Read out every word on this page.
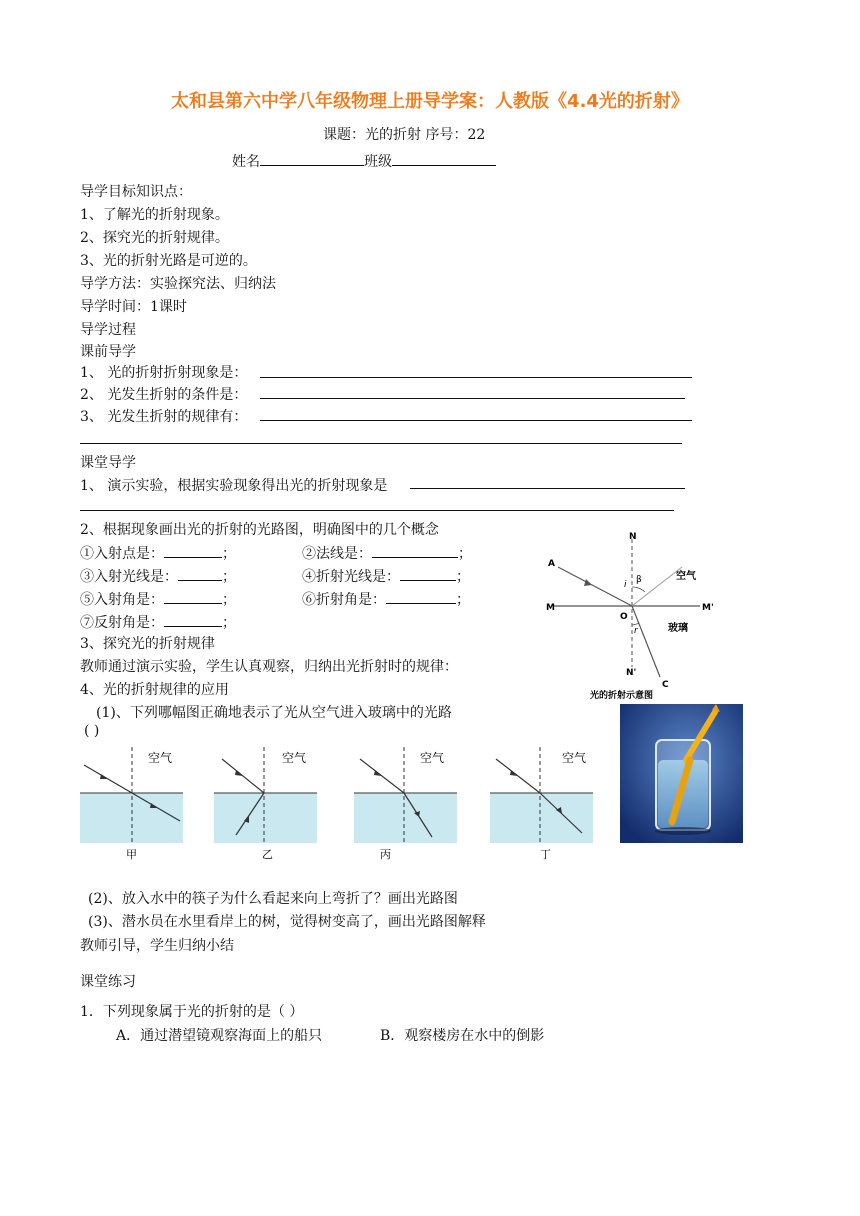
太和县第六中学八年级物理上册导学案：人教版《4.4光的折射》
课题：光的折射 序号：22
姓名	班级
导学目标知识点：
1、了解光的折射现象。
2、探究光的折射规律。
3、光的折射光路是可逆的。
导学方法：实验探究法、归纳法
导学时间：1课时
导学过程
课前导学
1、 光的折射折射现象是：
2、 光发生折射的条件是：
3、 光发生折射的规律有：
课堂导学
1、 演示实验，根据实验现象得出光的折射现象是
2、根据现象画出光的折射的光路图，明确图中的几个概念
①入射点是：	；	②法线是：	；
③入射光线是：	；	④折射光线是：	；
⑤入射角是：	；	⑥折射角是：	；
⑦反射角是：	；
3、探究光的折射规律
教师通过演示实验，学生认真观察，归纳出光折射时的规律：
4、光的折射规律的应用
(1)、下列哪幅图正确地表示了光从空气进入玻璃中的光路
( )
N
N'
M	M'
A
C
O
i β
r
空气
玻璃
光的折射示意图
空气
甲
空气
乙
空气
丙
空气
丁
(2)、放入水中的筷子为什么看起来向上弯折了？画出光路图
(3)、潜水员在水里看岸上的树，觉得树变高了，画出光路图解释
教师引导，学生归纳小结
课堂练习
1．下列现象属于光的折射的是（ ）
A．通过潜望镜观察海面上的船只	B．观察楼房在水中的倒影
